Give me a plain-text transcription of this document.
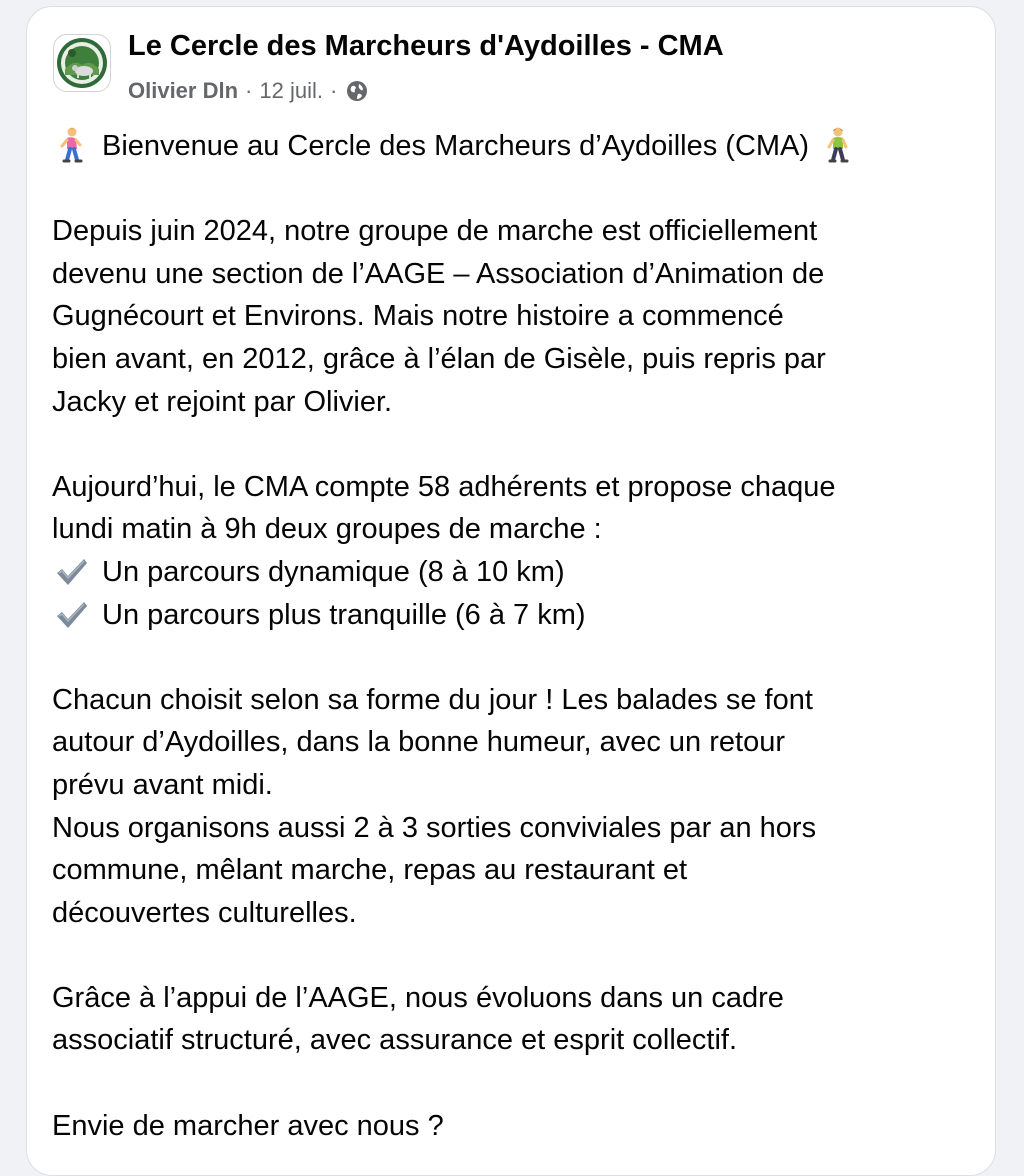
Le Cercle des Marcheurs d'Aydoilles - CMA
Olivier Dln · 12 juil. ·
Bienvenue au Cercle des Marcheurs d’Aydoilles (CMA)

Depuis juin 2024, notre groupe de marche est officiellement
devenu une section de l’AAGE – Association d’Animation de
Gugnécourt et Environs. Mais notre histoire a commencé
bien avant, en 2012, grâce à l’élan de Gisèle, puis repris par
Jacky et rejoint par Olivier.

Aujourd’hui, le CMA compte 58 adhérents et propose chaque
lundi matin à 9h deux groupes de marche :

Un parcours dynamique (8 à 10 km)
Un parcours plus tranquille (6 à 7 km)

Chacun choisit selon sa forme du jour ! Les balades se font
autour d’Aydoilles, dans la bonne humeur, avec un retour
prévu avant midi.
Nous organisons aussi 2 à 3 sorties conviviales par an hors
commune, mêlant marche, repas au restaurant et
découvertes culturelles.

Grâce à l’appui de l’AAGE, nous évoluons dans un cadre
associatif structuré, avec assurance et esprit collectif.

Envie de marcher avec nous ?
